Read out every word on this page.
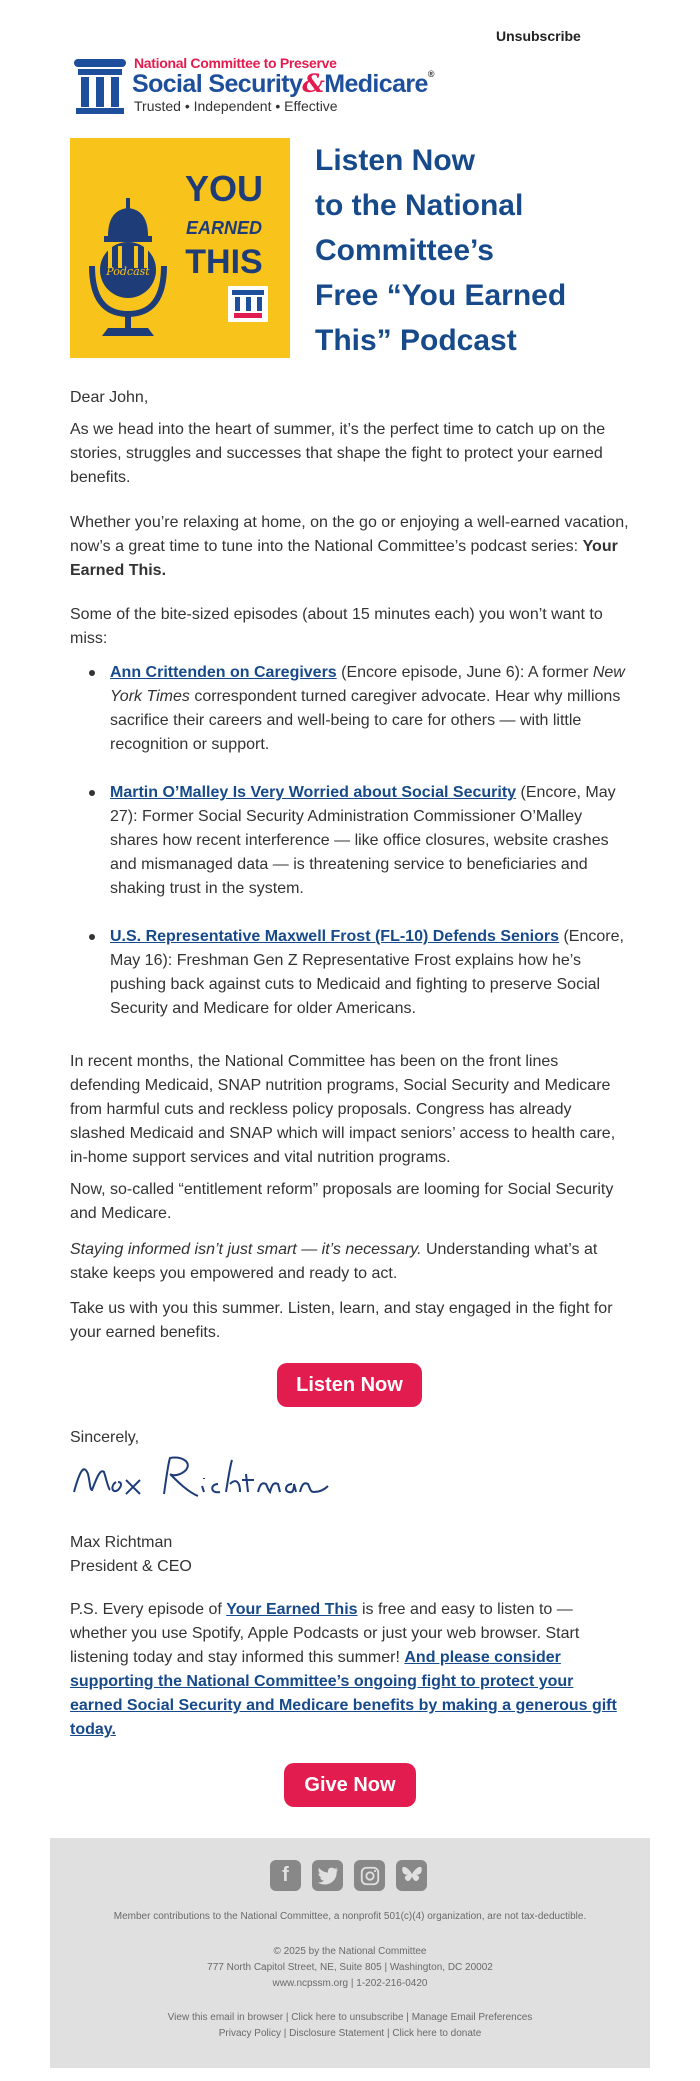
Unsubscribe
National Committee to Preserve
Social Security&Medicare®
Trusted • Independent • Effective
Podcast
YOU
EARNED
THIS
Listen Now
to the National
Committee’s
Free “You Earned
This” Podcast
Dear John,
As we head into the heart of summer, it’s the perfect time to catch up on the stories, struggles and successes that shape the fight to protect your earned benefits.
Whether you’re relaxing at home, on the go or enjoying a well-earned vacation, now’s a great time to tune into the National Committee’s podcast series: Your Earned This.
Some of the bite-sized episodes (about 15 minutes each) you won’t want to miss:
Ann Crittenden on Caregivers (Encore episode, June 6): A former New York Times correspondent turned caregiver advocate. Hear why millions sacrifice their careers and well-being to care for others — with little recognition or support.
Martin O’Malley Is Very Worried about Social Security (Encore, May 27): Former Social Security Administration Commissioner O’Malley shares how recent interference — like office closures, website crashes and mismanaged data — is threatening service to beneficiaries and shaking trust in the system.
U.S. Representative Maxwell Frost (FL-10) Defends Seniors (Encore, May 16): Freshman Gen Z Representative Frost explains how he’s pushing back against cuts to Medicaid and fighting to preserve Social Security and Medicare for older Americans.
In recent months, the National Committee has been on the front lines defending Medicaid, SNAP nutrition programs, Social Security and Medicare from harmful cuts and reckless policy proposals. Congress has already slashed Medicaid and SNAP which will impact seniors’ access to health care, in-home support services and vital nutrition programs.
Now, so-called “entitlement reform” proposals are looming for Social Security and Medicare.
Staying informed isn’t just smart — it’s necessary. Understanding what’s at stake keeps you empowered and ready to act.
Take us with you this summer. Listen, learn, and stay engaged in the fight for your earned benefits.
Listen Now
Sincerely,
Max Richtman
President & CEO
P.S. Every episode of Your Earned This is free and easy to listen to — whether you use Spotify, Apple Podcasts or just your web browser. Start listening today and stay informed this summer! And please consider supporting the National Committee’s ongoing fight to protect your earned Social Security and Medicare benefits by making a generous gift today.
Give Now
f
Member contributions to the National Committee, a nonprofit 501(c)(4) organization, are not tax-deductible.
© 2025 by the National Committee
777 North Capitol Street, NE, Suite 805 | Washington, DC 20002
www.ncpssm.org | 1-202-216-0420
View this email in browser | Click here to unsubscribe | Manage Email Preferences
Privacy Policy | Disclosure Statement | Click here to donate
